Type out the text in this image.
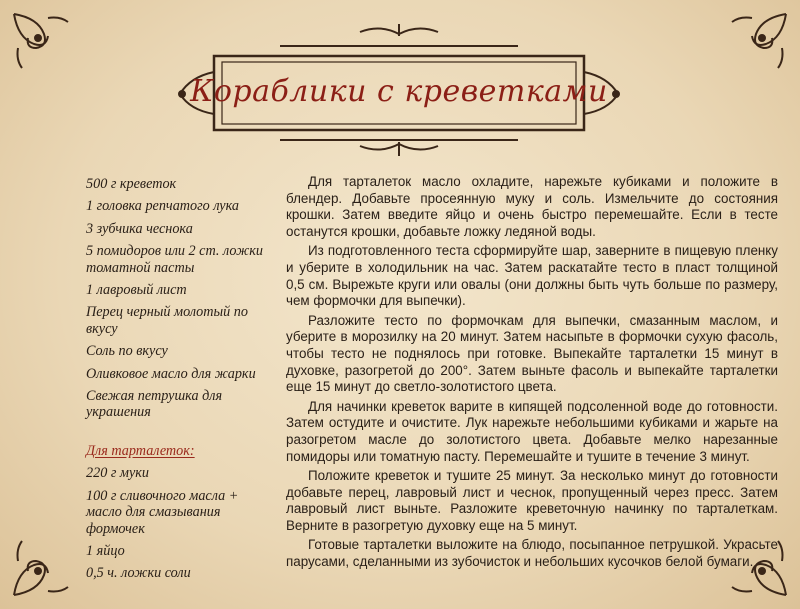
Кораблики с креветками
500 г креветок
1 головка репчатого лука
3 зубчика чеснока
5 помидоров или 2 ст. ложки томатной пасты
1 лавровый лист
Перец черный молотый по вкусу
Соль по вкусу
Оливковое масло для жарки
Свежая петрушка для украшения
Для тарталеток:
220 г муки
100 г сливочного масла + масло для смазывания формочек
1 яйцо
0,5 ч. ложки соли

Для тарталеток масло охладите, нарежьте кубиками и положите в блендер. Добавьте просеянную муку и соль. Измельчите до состояния крошки. Затем введите яйцо и очень быстро перемешайте. Если в тесте останутся крошки, добавьте ложку ледяной воды.

Из подготовленного теста сформируйте шар, заверните в пищевую пленку и уберите в холодильник на час. Затем раскатайте тесто в пласт толщиной 0,5 см. Вырежьте круги или овалы (они должны быть чуть больше по размеру, чем формочки для выпечки).

Разложите тесто по формочкам для выпечки, смазанным маслом, и уберите в морозилку на 20 минут. Затем насыпьте в формочки сухую фасоль, чтобы тесто не поднялось при готовке. Выпекайте тарталетки 15 минут в духовке, разогретой до 200°. Затем выньте фасоль и выпекайте тарталетки еще 15 минут до светло-золотистого цвета.

Для начинки креветок варите в кипящей подсоленной воде до готовности. Затем остудите и очистите. Лук нарежьте небольшими кубиками и жарьте на разогретом масле до золотистого цвета. Добавьте мелко нарезанные помидоры или томатную пасту. Перемешайте и тушите в течение 3 минут.

Положите креветок и тушите 25 минут. За несколько минут до готовности добавьте перец, лавровый лист и чеснок, пропущенный через пресс. Затем лавровый лист выньте. Разложите креветочную начинку по тарталеткам. Верните в разогретую духовку еще на 5 минут.

Готовые тарталетки выложите на блюдо, посыпанное петрушкой. Украсьте парусами, сделанными из зубочисток и небольших кусочков белой бумаги.
